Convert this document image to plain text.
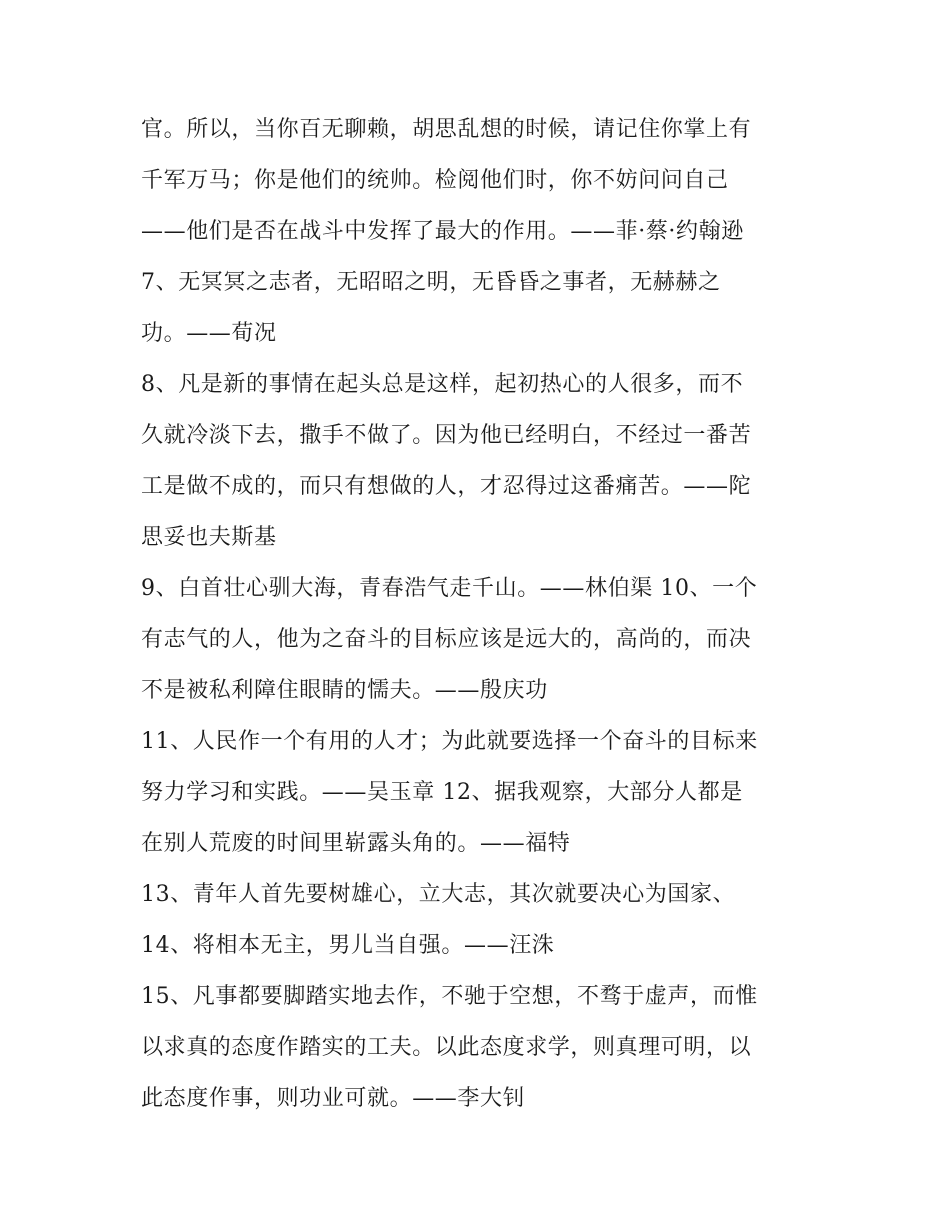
官。所以，当你百无聊赖，胡思乱想的时候，请记住你掌上有
千军万马；你是他们的统帅。检阅他们时，你不妨问问自己
——他们是否在战斗中发挥了最大的作用。——菲·蔡·约翰逊
7、无冥冥之志者，无昭昭之明，无昏昏之事者，无赫赫之
功。——荀况
8、凡是新的事情在起头总是这样，起初热心的人很多，而不
久就冷淡下去，撒手不做了。因为他已经明白，不经过一番苦
工是做不成的，而只有想做的人，才忍得过这番痛苦。——陀
思妥也夫斯基
9、白首壮心驯大海，青春浩气走千山。——林伯渠 10、一个
有志气的人，他为之奋斗的目标应该是远大的，高尚的，而决
不是被私利障住眼睛的懦夫。——殷庆功
11、人民作一个有用的人才；为此就要选择一个奋斗的目标来
努力学习和实践。——吴玉章 12、据我观察，大部分人都是
在别人荒废的时间里崭露头角的。——福特
13、青年人首先要树雄心，立大志，其次就要决心为国家、
14、将相本无主，男儿当自强。——汪洙
15、凡事都要脚踏实地去作，不驰于空想，不骛于虚声，而惟
以求真的态度作踏实的工夫。以此态度求学，则真理可明，以
此态度作事，则功业可就。——李大钊
